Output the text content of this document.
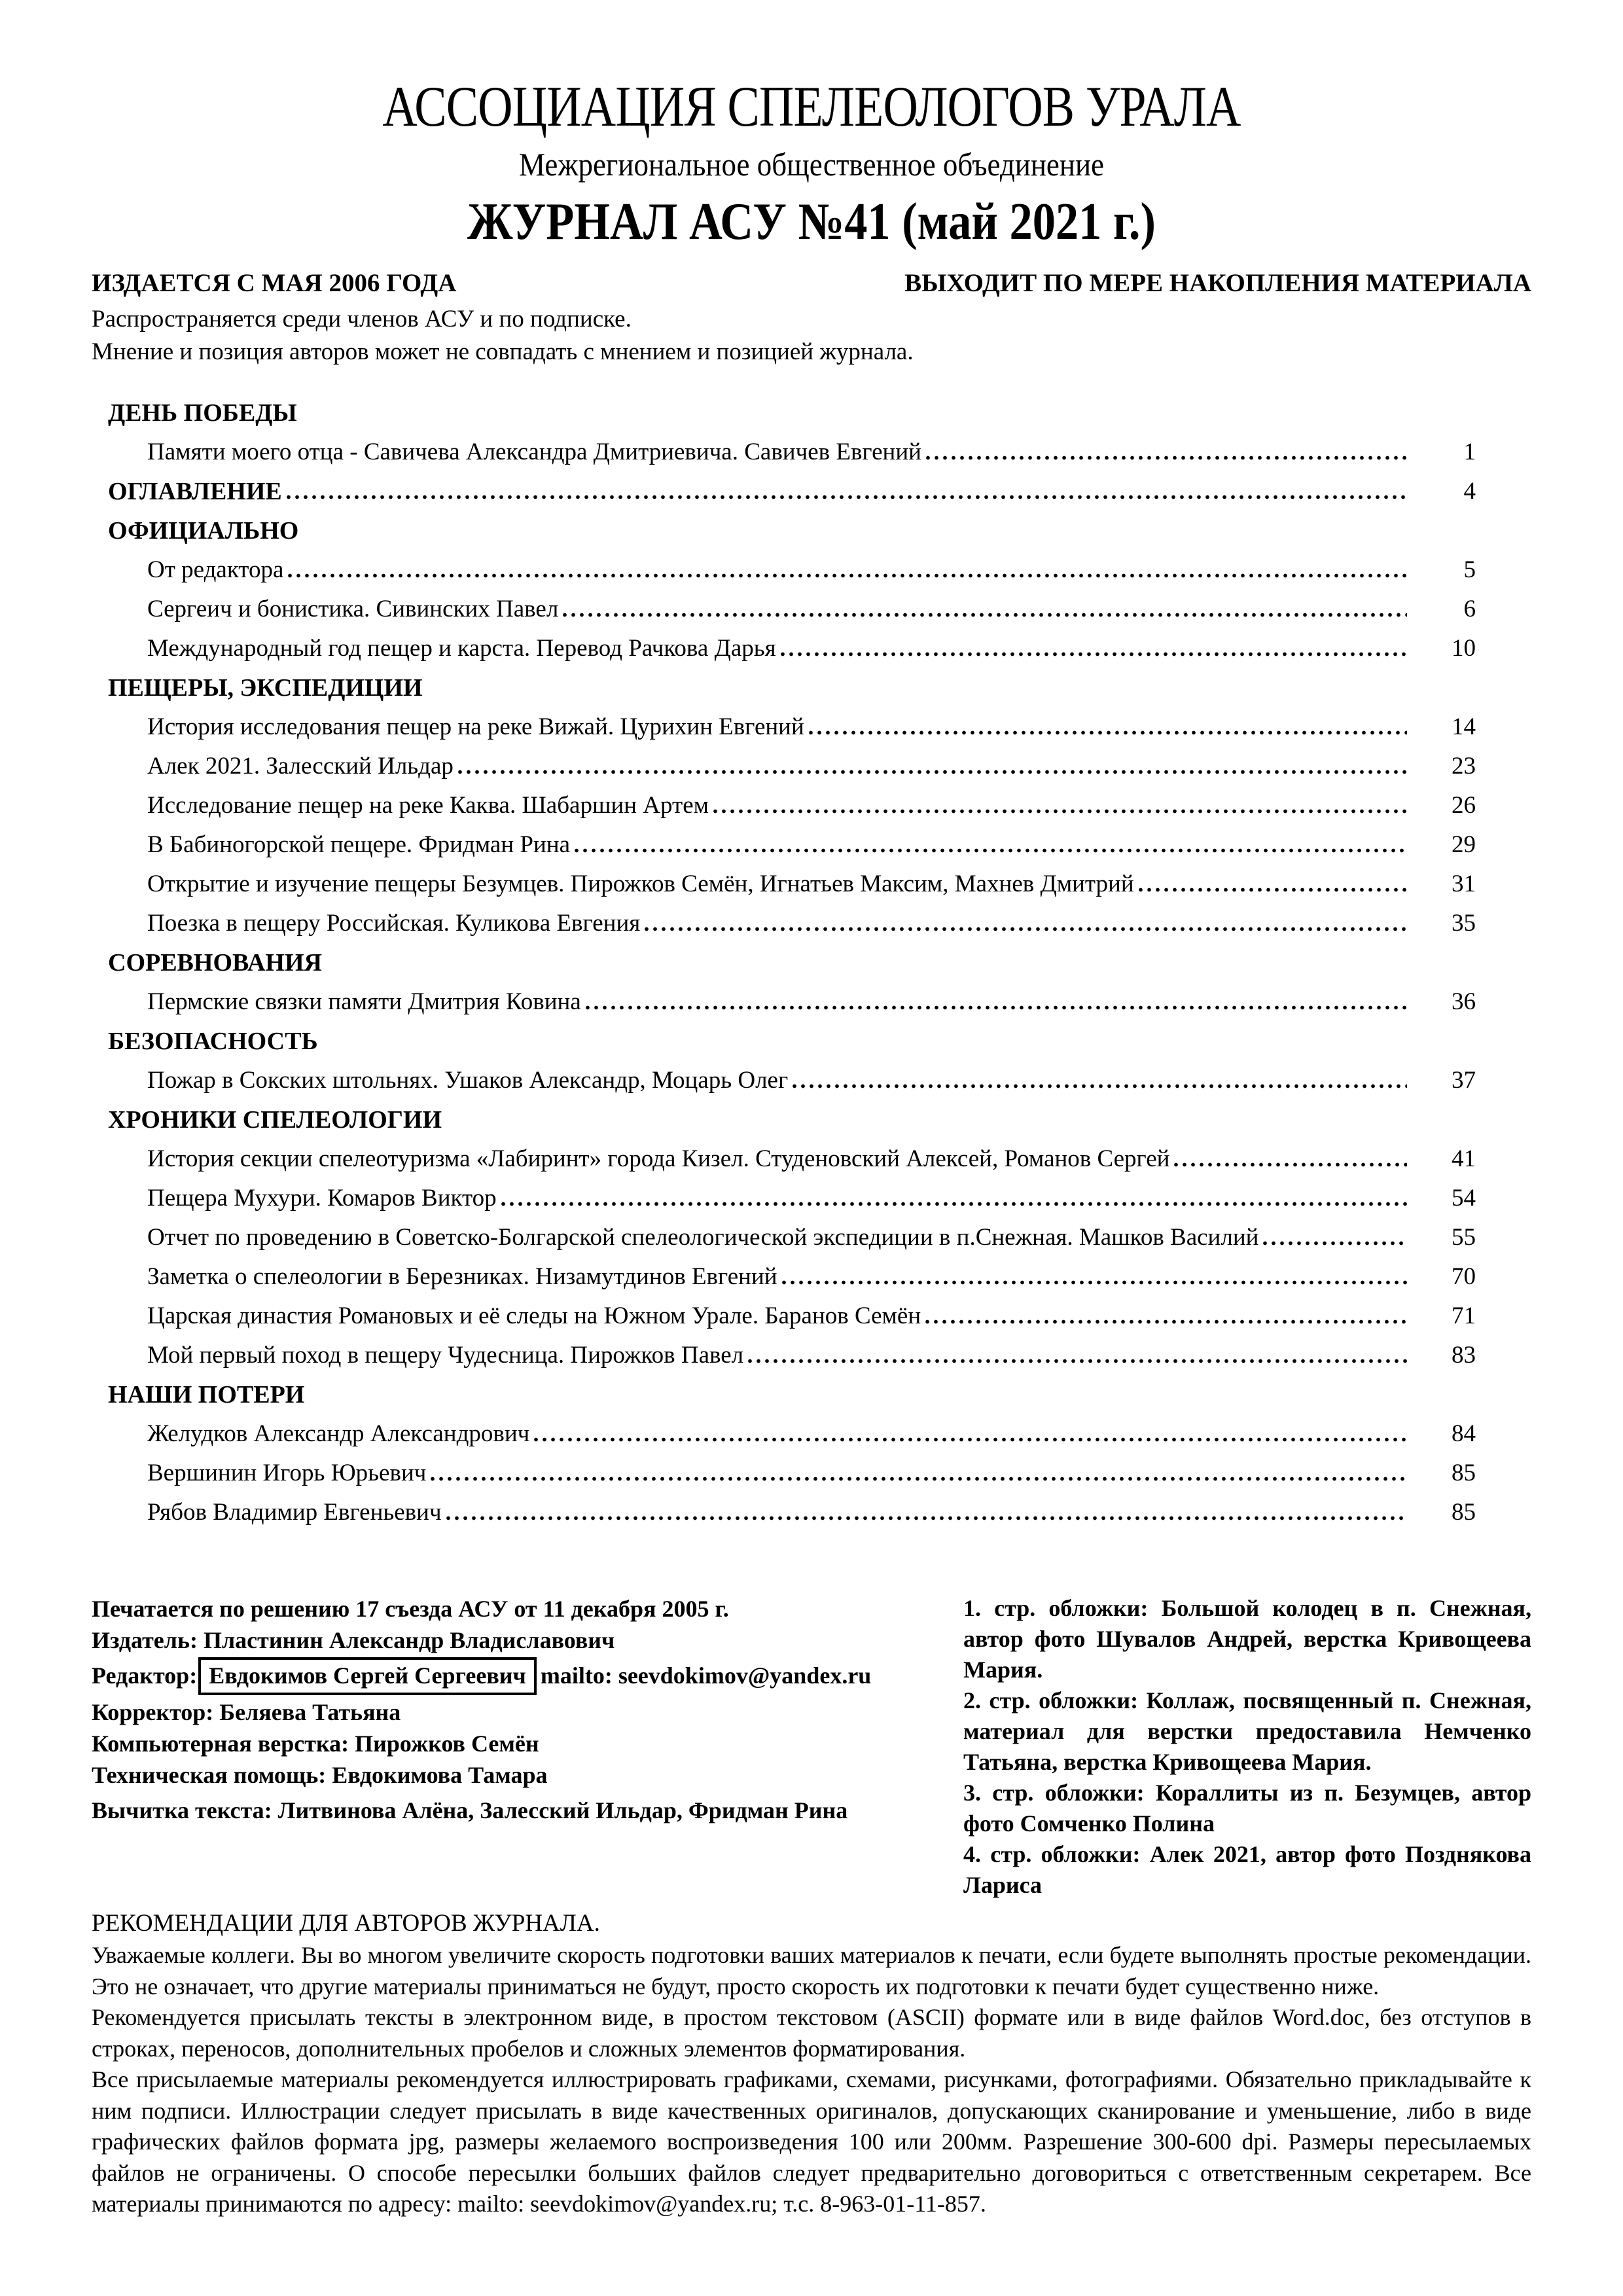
АССОЦИАЦИЯ СПЕЛЕОЛОГОВ УРАЛА
Межрегиональное общественное объединение
ЖУРНАЛ АСУ №41 (май 2021 г.)
ИЗДАЕТСЯ С МАЯ 2006 ГОДА	ВЫХОДИТ ПО МЕРЕ НАКОПЛЕНИЯ МАТЕРИАЛА
Распространяется среди членов АСУ и по подписке.
Мнение и позиция авторов может не совпадать с мнением и позицией журнала.
ДЕНЬ ПОБЕДЫ
Памяти моего отца - Савичева Александра Дмитриевича. Савичев Евгений	1
ОГЛАВЛЕНИЕ	4
ОФИЦИАЛЬНО
От редактора	5
Сергеич и бонистика. Сивинских Павел	6
Международный год пещер и карста. Перевод Рачкова Дарья	10
ПЕЩЕРЫ, ЭКСПЕДИЦИИ
История исследования пещер на реке Вижай. Цурихин Евгений	14
Алек 2021. Залесский Ильдар	23
Исследование пещер на реке Каква. Шабаршин Артем	26
В Бабиногорской пещере. Фридман Рина	29
Открытие и изучение пещеры Безумцев. Пирожков Семён, Игнатьев Максим, Махнев Дмитрий	31
Поезка в пещеру Российская. Куликова Евгения	35
СОРЕВНОВАНИЯ
Пермские связки памяти Дмитрия Ковина	36
БЕЗОПАСНОСТЬ
Пожар в Сокских штольнях. Ушаков Александр, Моцарь Олег	37
ХРОНИКИ СПЕЛЕОЛОГИИ
История секции спелеотуризма «Лабиринт» города Кизел. Студеновский Алексей, Романов Сергей	41
Пещера Мухури. Комаров Виктор	54
Отчет по проведению в Советско-Болгарской спелеологической экспедиции в п.Снежная. Машков Василий	55
Заметка о спелеологии в Березниках. Низамутдинов Евгений	70
Царская династия Романовых и её следы на Южном Урале. Баранов Семён	71
Мой первый поход в пещеру Чудесница. Пирожков Павел	83
НАШИ ПОТЕРИ
Желудков Александр Александрович	84
Вершинин Игорь Юрьевич	85
Рябов Владимир Евгеньевич	85

Печатается по решению 17 съезда АСУ от 11 декабря 2005 г.

Издатель: Пластинин Александр Владиславович

Редактор: Евдокимов Сергей Сергеевич mailto: seevdokimov@yandex.ru

Корректор: Беляева Татьяна

Компьютерная верстка: Пирожков Семён

Техническая помощь: Евдокимова Тамара

Вычитка текста: Литвинова Алёна, Залесский Ильдар, Фридман Рина

1. стр. обложки: Большой колодец в п. Снежная, автор фото Шувалов Андрей, верстка Кривощеева Мария.

2. стр. обложки: Коллаж, посвященный п. Снежная, материал для верстки предоставила Немченко Татьяна, верстка Кривощеева Мария.

3. стр. обложки: Кораллиты из п. Безумцев, автор фото Сомченко Полина

4. стр. обложки: Алек 2021, автор фото Позднякова Лариса

РЕКОМЕНДАЦИИ ДЛЯ АВТОРОВ ЖУРНАЛА.

Уважаемые коллеги. Вы во многом увеличите скорость подготовки ваших материалов к печати, если будете выполнять простые рекомендации. Это не означает, что другие материалы приниматься не будут, просто скорость их подготовки к печати будет существенно ниже.

Рекомендуется присылать тексты в электронном виде, в простом текстовом (ASCII) формате или в виде файлов Word.doc, без отступов в строках, переносов, дополнительных пробелов и сложных элементов форматирования.

Все присылаемые материалы рекомендуется иллюстрировать графиками, схемами, рисунками, фотографиями. Обязательно прикладывайте к ним подписи. Иллюстрации следует присылать в виде качественных оригиналов, допускающих сканирование и уменьшение, либо в виде графических файлов формата jpg, размеры желаемого воспроизведения 100 или 200мм. Разрешение 300-600 dpi. Размеры пересылаемых файлов не ограничены. О способе пересылки больших файлов следует предварительно договориться с ответственным секретарем. Все материалы принимаются по адресу: mailto: seevdokimov@yandex.ru; т.с. 8-963-01-11-857.
